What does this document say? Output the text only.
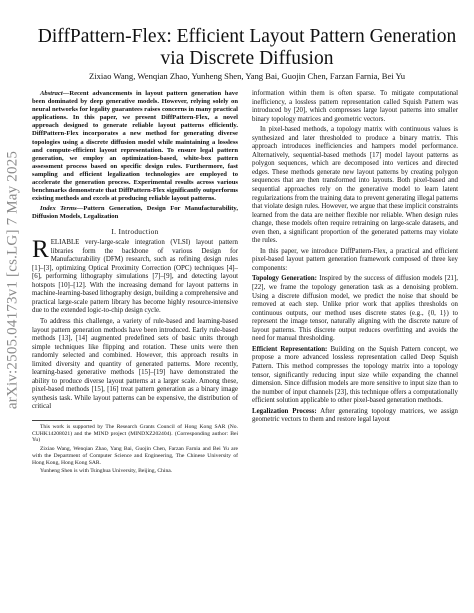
arXiv:2505.04173v1 [cs.LG] 7 May 2025
DiffPattern-Flex: Efficient Layout Pattern Generation
via Discrete Diffusion
Zixiao Wang, Wenqian Zhao, Yunheng Shen, Yang Bai, Guojin Chen, Farzan Farnia, Bei Yu

Abstract—Recent advancements in layout pattern generation have been dominated by deep generative models. However, relying solely on neural networks for legality guarantees raises concerns in many practical applications. In this paper, we present DiffPattern-Flex, a novel approach designed to generate reliable layout patterns efficiently. DiffPattern-Flex incorporates a new method for generating diverse topologies using a discrete diffusion model while maintaining a lossless and compute-efficient layout representation. To ensure legal pattern generation, we employ an optimization-based, white-box pattern assessment process based on specific design rules. Furthermore, fast sampling and efficient legalization technologies are employed to accelerate the generation process. Experimental results across various benchmarks demonstrate that DiffPattern-Flex significantly outperforms existing methods and excels at producing reliable layout patterns.

Index Terms—Pattern Generation, Design For Manufacturability, Diffusion Models, Legalization

I. Introduction

RELIABLE very-large-scale integration (VLSI) layout pattern libraries form the backbone of various Design for Manufacturability (DFM) research, such as refining design rules [1]–[3], optimizing Optical Proximity Correction (OPC) techniques [4]–[6], performing lithography simulations [7]–[9], and detecting layout hotspots [10]–[12]. With the increasing demand for layout patterns in machine-learning-based lithography design, building a comprehensive and practical large-scale pattern library has become highly resource-intensive due to the extended logic-to-chip design cycle.

To address this challenge, a variety of rule-based and learning-based layout pattern generation methods have been introduced. Early rule-based methods [13], [14] augmented predefined sets of basic units through simple techniques like flipping and rotation. These units were then randomly selected and combined. However, this approach results in limited diversity and quantity of generated patterns. More recently, learning-based generative methods [15]–[19] have demonstrated the ability to produce diverse layout patterns at a larger scale. Among these, pixel-based methods [15], [16] treat pattern generation as a binary image synthesis task. While layout patterns can be expensive, the distribution of critical

This work is supported by The Research Grants Council of Hong Kong SAR (No. CUHK14208021) and the MIND project (MINDXZ202404). (Corresponding author: Bei Yu)

Zixiao Wang, Wenqian Zhao, Yang Bai, Guojin Chen, Farzan Farnia and Bei Yu are with the Department of Computer Science and Engineering, The Chinese University of Hong Kong, Hong Kong SAR.

Yunheng Shen is with Tsinghua University, Beijing, China.

information within them is often sparse. To mitigate computational inefficiency, a lossless pattern representation called Squish Pattern was introduced by [20], which compresses large layout patterns into smaller binary topology matrices and geometric vectors.

In pixel-based methods, a topology matrix with continuous values is synthesized and later thresholded to produce a binary matrix. This approach introduces inefficiencies and hampers model performance. Alternatively, sequential-based methods [17] model layout patterns as polygon sequences, which are decomposed into vertices and directed edges. These methods generate new layout patterns by creating polygon sequences that are then transformed into layouts. Both pixel-based and sequential approaches rely on the generative model to learn latent regularizations from the training data to prevent generating illegal patterns that violate design rules. However, we argue that these implicit constraints learned from the data are neither flexible nor reliable. When design rules change, these models often require retraining on large-scale datasets, and even then, a significant proportion of the generated patterns may violate the rules.

In this paper, we introduce DiffPattern-Flex, a practical and efficient pixel-based layout pattern generation framework composed of three key components:

Topology Generation: Inspired by the success of diffusion models [21], [22], we frame the topology generation task as a denoising problem. Using a discrete diffusion model, we predict the noise that should be removed at each step. Unlike prior work that applies thresholds on continuous outputs, our method uses discrete states (e.g., {0, 1}) to represent the image tensor, naturally aligning with the discrete nature of layout patterns. This discrete output reduces overfitting and avoids the need for manual thresholding.

Efficient Representation: Building on the Squish Pattern concept, we propose a more advanced lossless representation called Deep Squish Pattern. This method compresses the topology matrix into a topology tensor, significantly reducing input size while expanding the channel dimension. Since diffusion models are more sensitive to input size than to the number of input channels [23], this technique offers a computationally efficient solution applicable to other pixel-based generation methods.

Legalization Process: After generating topology matrices, we assign geometric vectors to them and restore legal layout
